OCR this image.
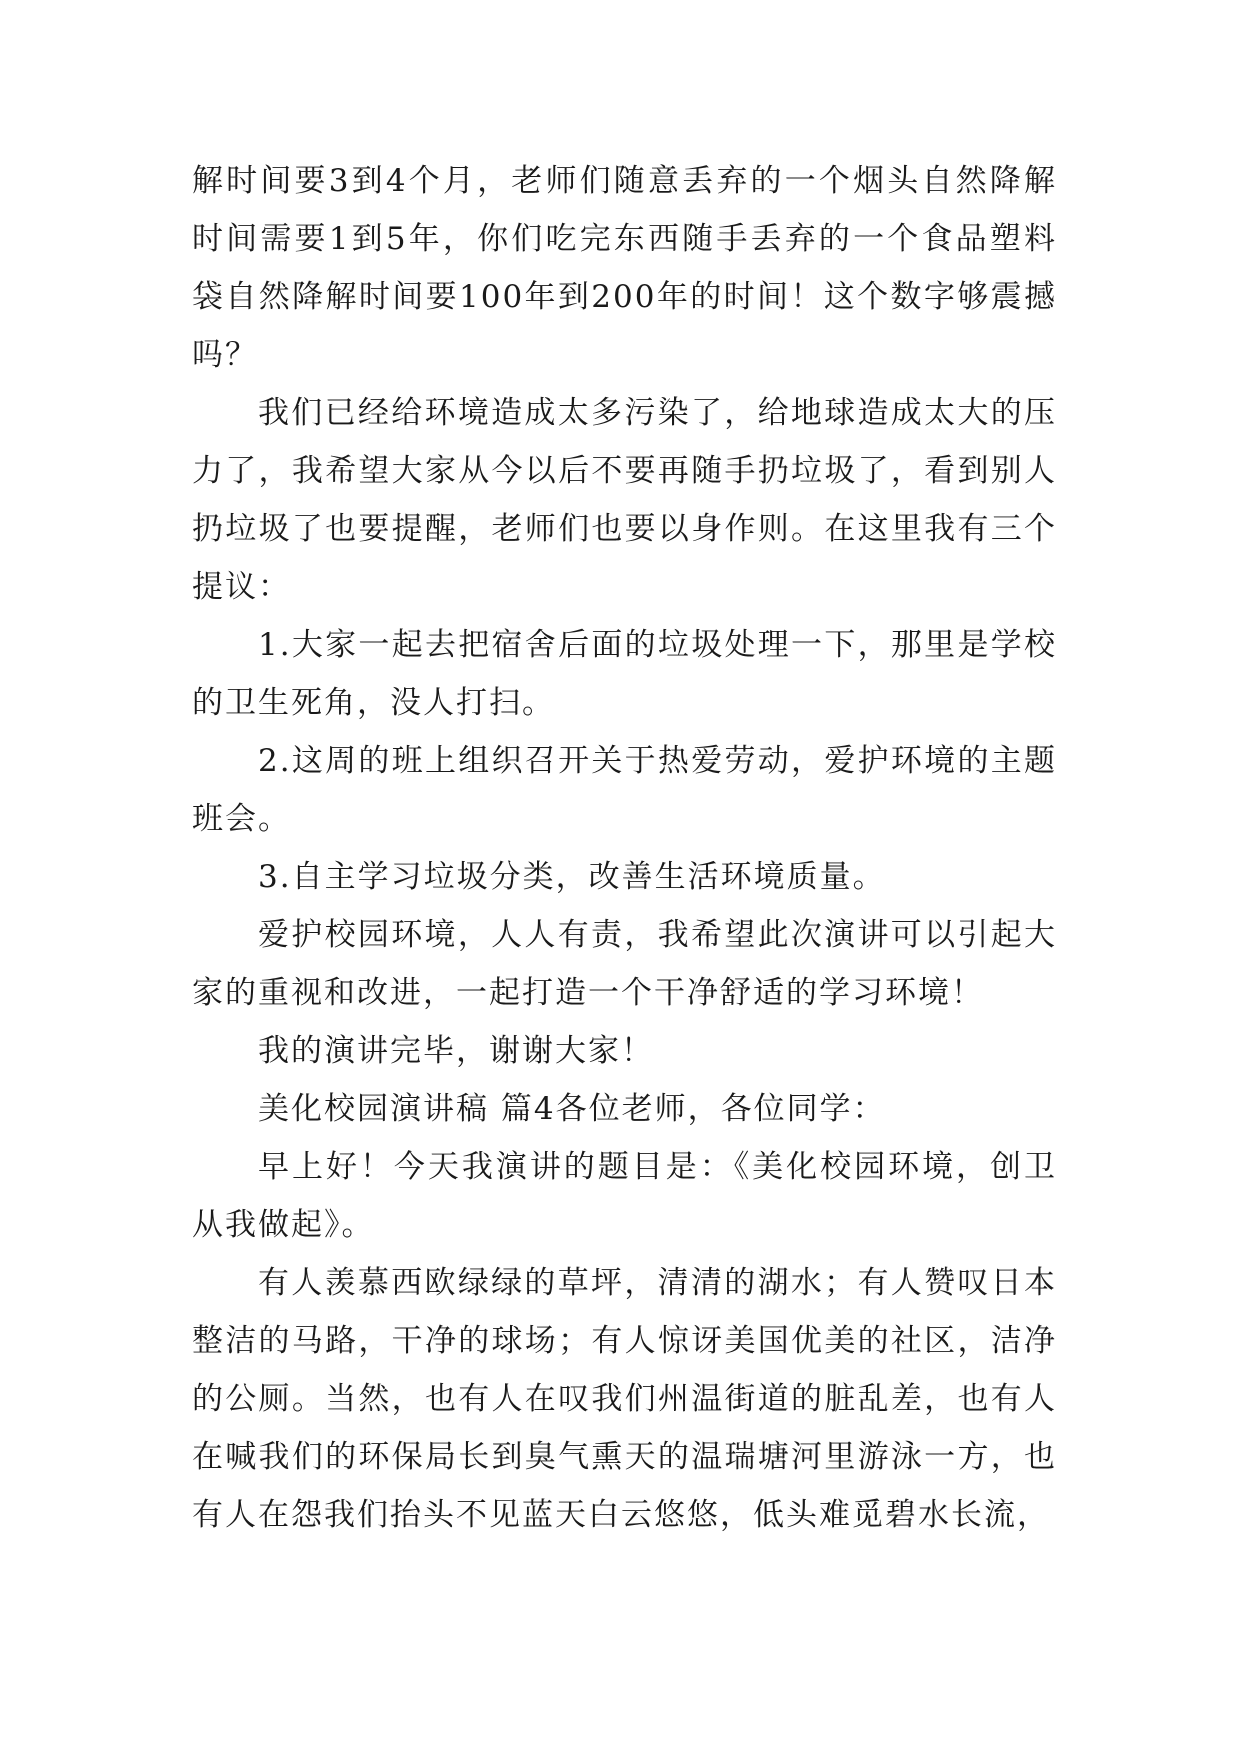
解时间要3到4个月，老师们随意丢弃的一个烟头自然降解时间需要1到5年，你们吃完东西随手丢弃的一个食品塑料袋自然降解时间要100年到200年的时间！这个数字够震撼吗？

我们已经给环境造成太多污染了，给地球造成太大的压力了，我希望大家从今以后不要再随手扔垃圾了，看到别人扔垃圾了也要提醒，老师们也要以身作则。在这里我有三个提议：

1.大家一起去把宿舍后面的垃圾处理一下，那里是学校的卫生死角，没人打扫。

2.这周的班上组织召开关于热爱劳动，爱护环境的主题班会。

3.自主学习垃圾分类，改善生活环境质量。

爱护校园环境，人人有责，我希望此次演讲可以引起大家的重视和改进，一起打造一个干净舒适的学习环境！

我的演讲完毕，谢谢大家！

美化校园演讲稿 篇4各位老师，各位同学：

早上好！今天我演讲的题目是：《美化校园环境，创卫从我做起》。

有人羡慕西欧绿绿的草坪，清清的湖水；有人赞叹日本整洁的马路，干净的球场；有人惊讶美国优美的社区，洁净的公厕。当然，也有人在叹我们州温街道的脏乱差，也有人在喊我们的环保局长到臭气熏天的温瑞塘河里游泳一方，也有人在怨我们抬头不见蓝天白云悠悠，低头难觅碧水长流，
